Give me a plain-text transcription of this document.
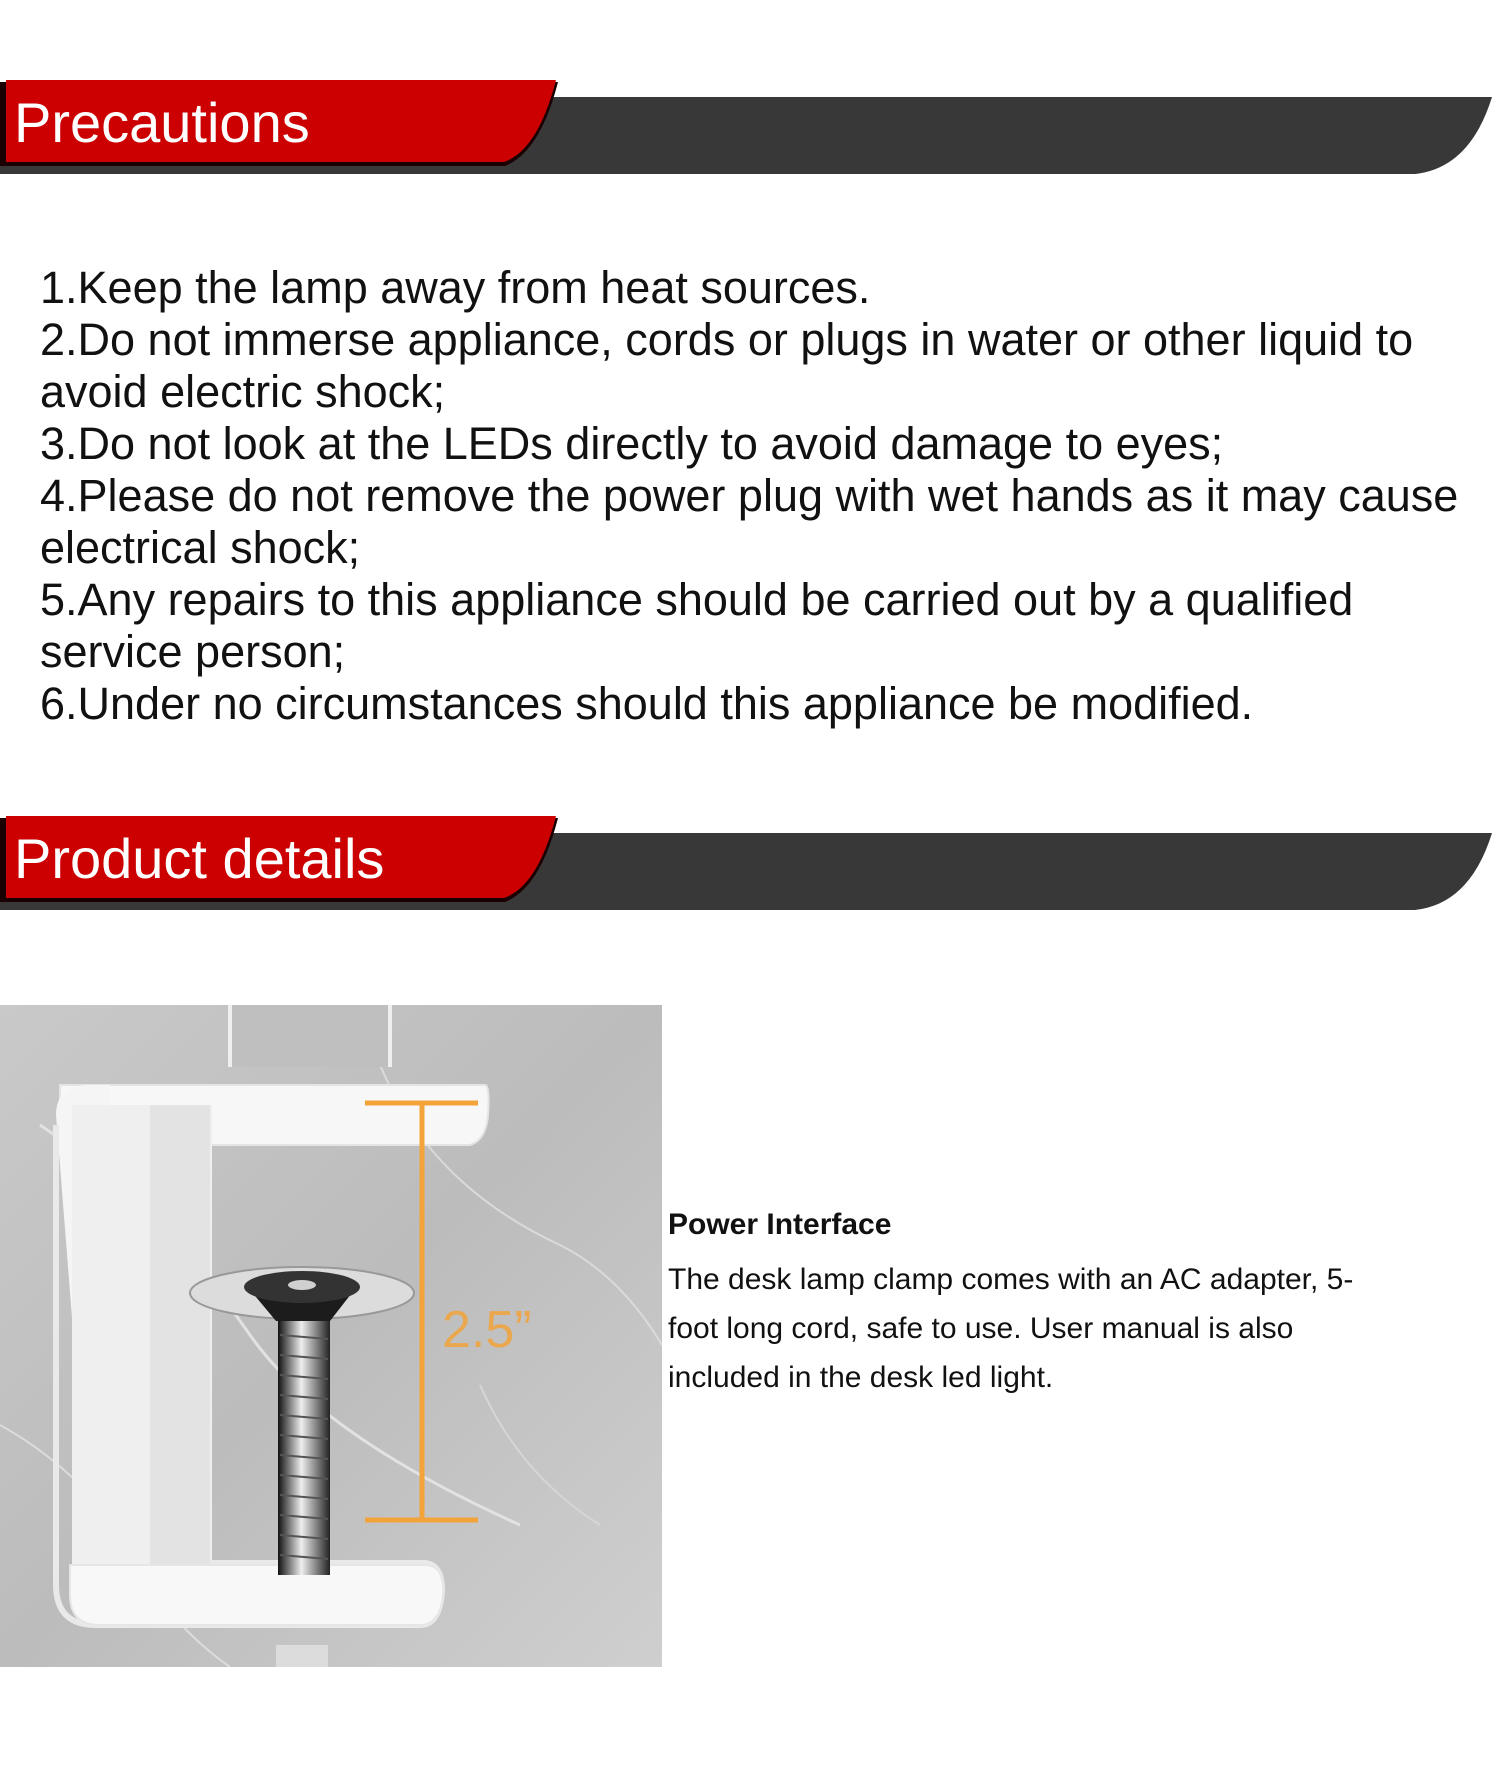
Precautions
1.Keep the lamp away from heat sources.
2.Do not immerse appliance, cords or plugs in water or other liquid to avoid electric shock;
3.Do not look at the LEDs directly to avoid damage to eyes;
4.Please do not remove the power plug with wet hands as it may cause electrical shock;
5.Any repairs to this appliance should be carried out by a qualified service person;
6.Under no circumstances should this appliance be modified.
Product details
2.5”

Power Interface

The desk lamp clamp comes with an AC adapter, 5-foot long cord, safe to use. User manual is also included in the desk led light.
